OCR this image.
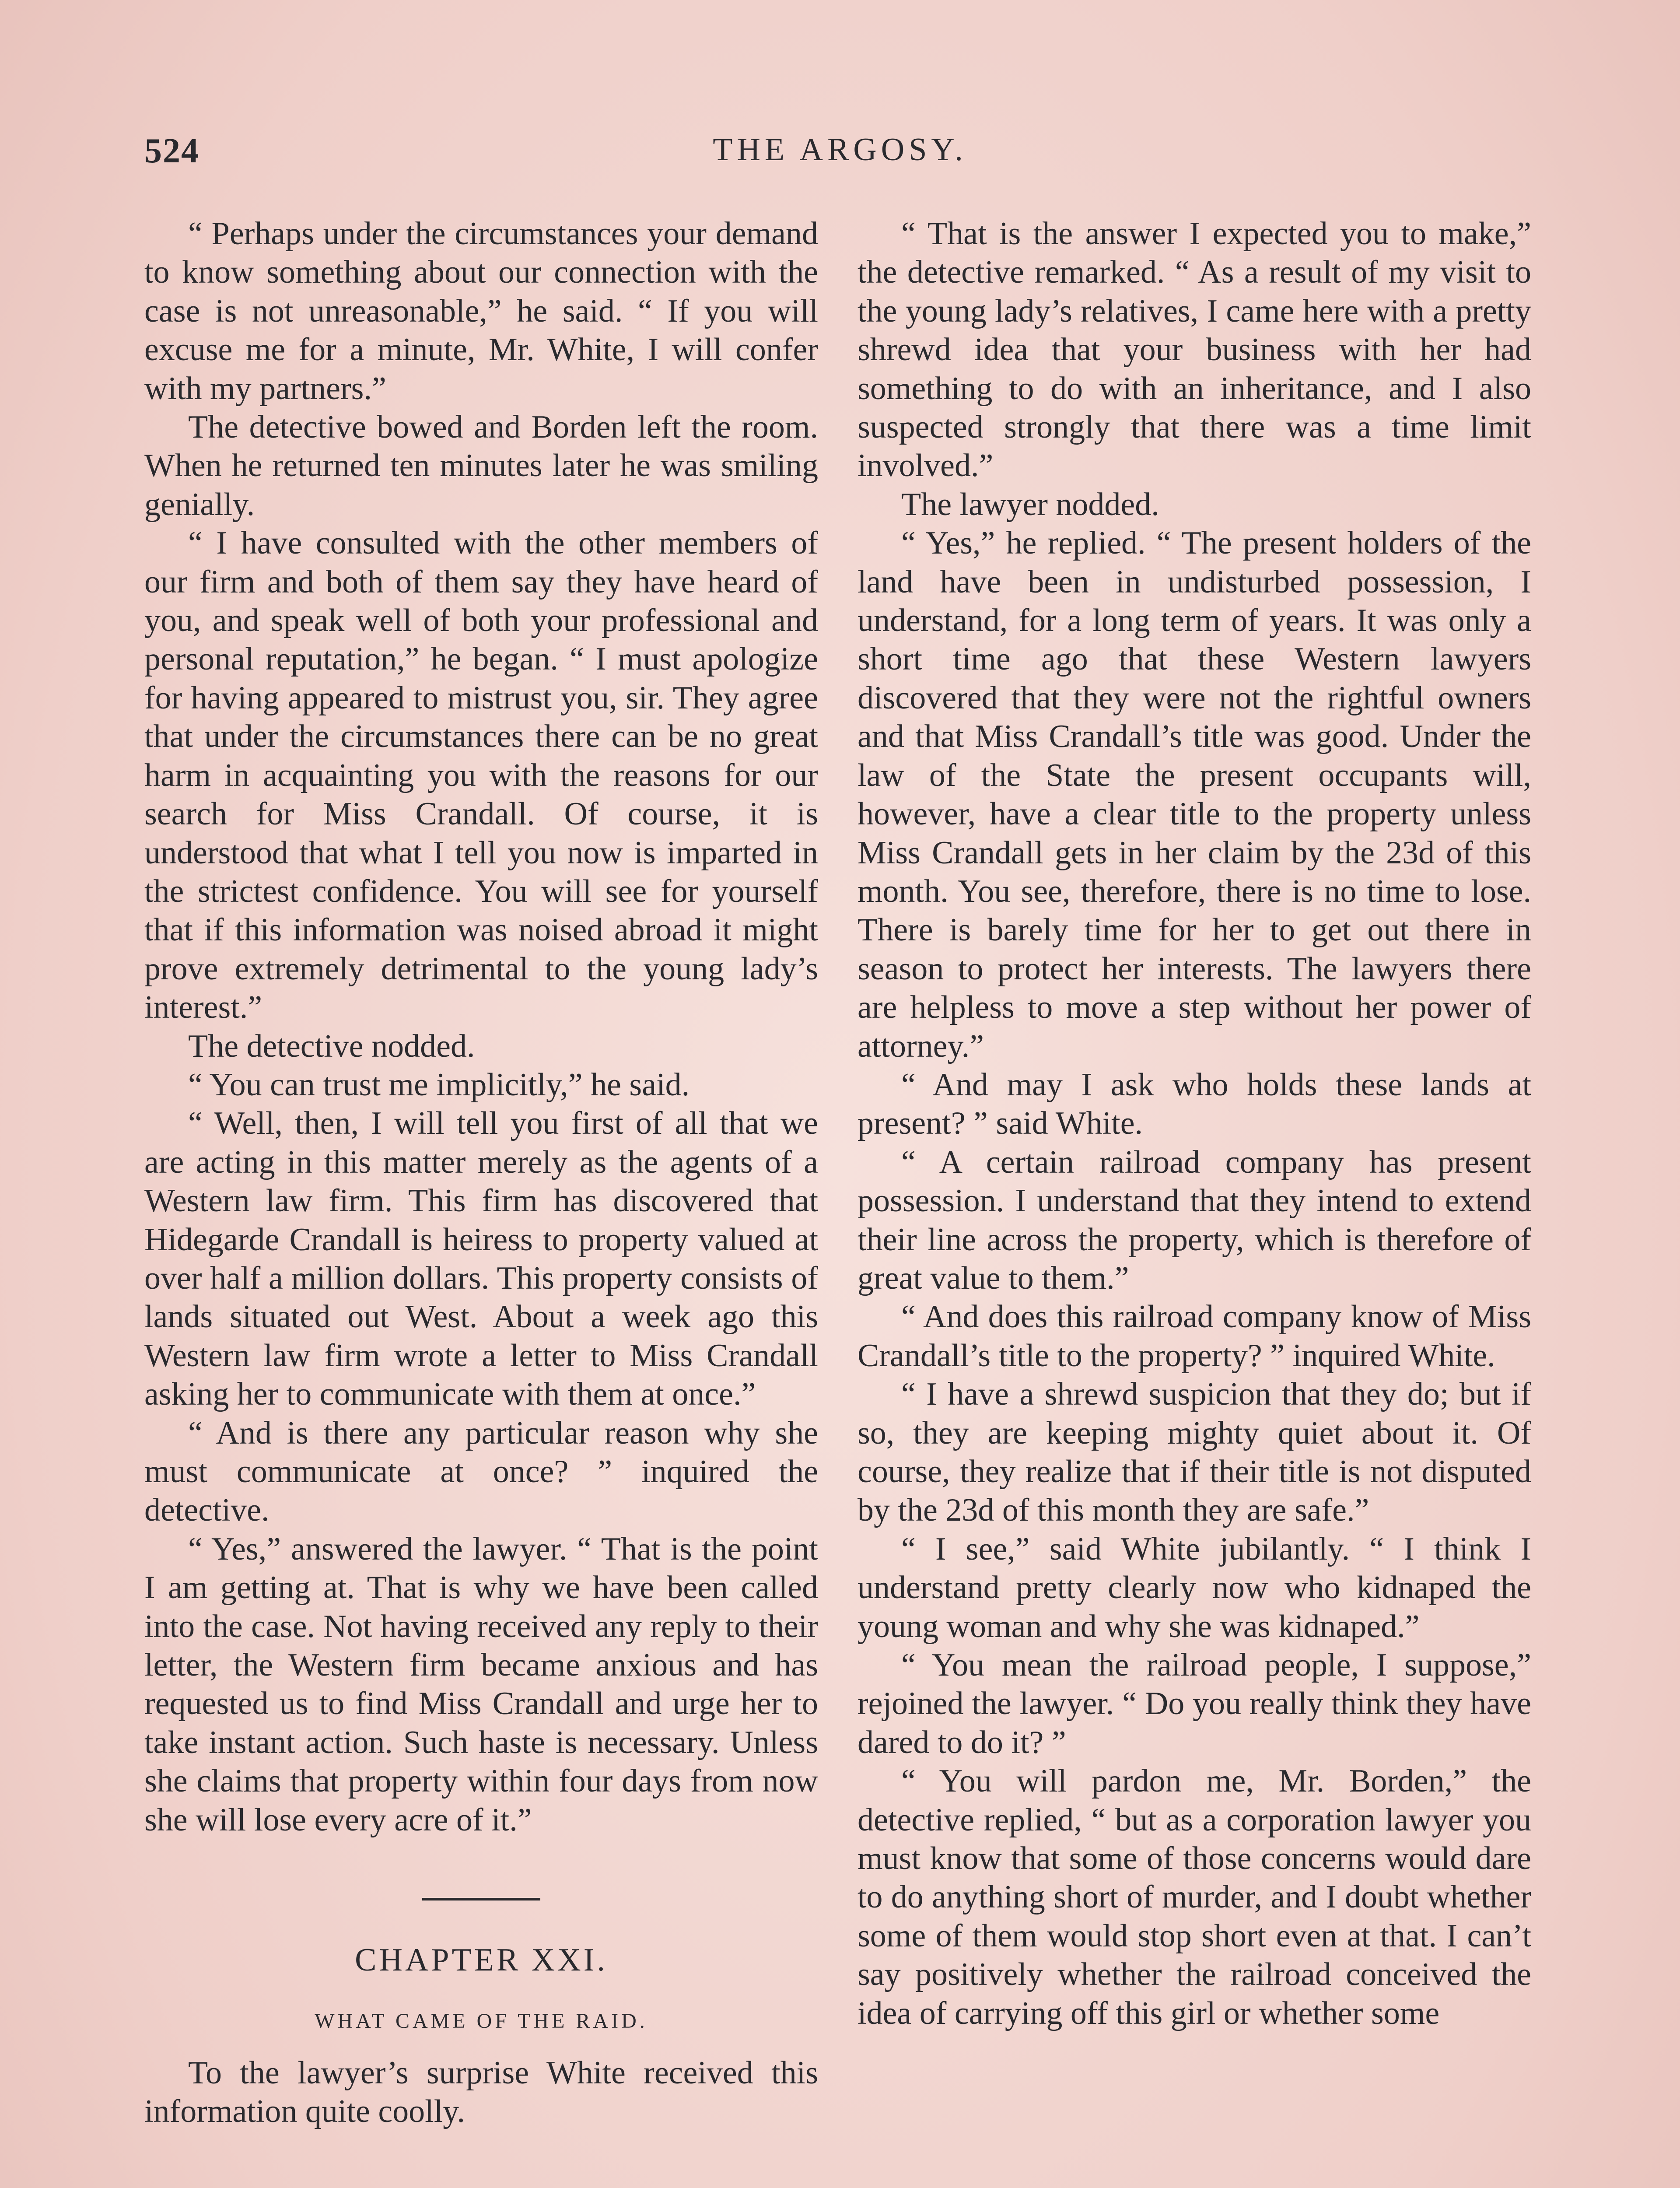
524	THE ARGOSY.

“ Perhaps under the circumstances your demand to know something about our connection with the case is not unreasonable,” he said. “ If you will excuse me for a minute, Mr. White, I will confer with my partners.”

The detective bowed and Borden left the room. When he returned ten minutes later he was smiling genially.

“ I have consulted with the other members of our firm and both of them say they have heard of you, and speak well of both your professional and personal reputation,” he began. “ I must apologize for having appeared to mistrust you, sir. They agree that under the circumstances there can be no great harm in acquainting you with the reasons for our search for Miss Crandall. Of course, it is understood that what I tell you now is imparted in the strictest confidence. You will see for yourself that if this information was noised abroad it might prove extremely detrimental to the young lady’s interest.”

The detective nodded.

“ You can trust me implicitly,” he said.

“ Well, then, I will tell you first of all that we are acting in this matter merely as the agents of a Western law firm. This firm has discovered that Hidegarde Crandall is heiress to property valued at over half a million dollars. This property consists of lands situated out West. About a week ago this Western law firm wrote a letter to Miss Crandall asking her to communicate with them at once.”

“ And is there any particular reason why she must communicate at once? ” inquired the detective.

“ Yes,” answered the lawyer. “ That is the point I am getting at. That is why we have been called into the case. Not having received any reply to their letter, the Western firm became anxious and has requested us to find Miss Crandall and urge her to take instant action. Such haste is necessary. Unless she claims that property within four days from now she will lose every acre of it.”

CHAPTER XXI.
WHAT CAME OF THE RAID.

To the lawyer’s surprise White received this information quite coolly.

“ That is the answer I expected you to make,” the detective remarked. “ As a result of my visit to the young lady’s relatives, I came here with a pretty shrewd idea that your business with her had something to do with an inheritance, and I also suspected strongly that there was a time limit involved.”

The lawyer nodded.

“ Yes,” he replied. “ The present holders of the land have been in undisturbed possession, I understand, for a long term of years. It was only a short time ago that these Western lawyers discovered that they were not the rightful owners and that Miss Crandall’s title was good. Under the law of the State the present occupants will, however, have a clear title to the property unless Miss Crandall gets in her claim by the 23d of this month. You see, therefore, there is no time to lose. There is barely time for her to get out there in season to protect her interests. The lawyers there are helpless to move a step without her power of attorney.”

“ And may I ask who holds these lands at present? ” said White.

“ A certain railroad company has present possession. I understand that they intend to extend their line across the property, which is therefore of great value to them.”

“ And does this railroad company know of Miss Crandall’s title to the property? ” inquired White.

“ I have a shrewd suspicion that they do; but if so, they are keeping mighty quiet about it. Of course, they realize that if their title is not disputed by the 23d of this month they are safe.”

“ I see,” said White jubilantly. “ I think I understand pretty clearly now who kidnaped the young woman and why she was kidnaped.”

“ You mean the railroad people, I suppose,” rejoined the lawyer. “ Do you really think they have dared to do it? ”

“ You will pardon me, Mr. Borden,” the detective replied, “ but as a corporation lawyer you must know that some of those concerns would dare to do anything short of murder, and I doubt whether some of them would stop short even at that. I can’t say positively whether the railroad conceived the idea of carrying off this girl or whether some
